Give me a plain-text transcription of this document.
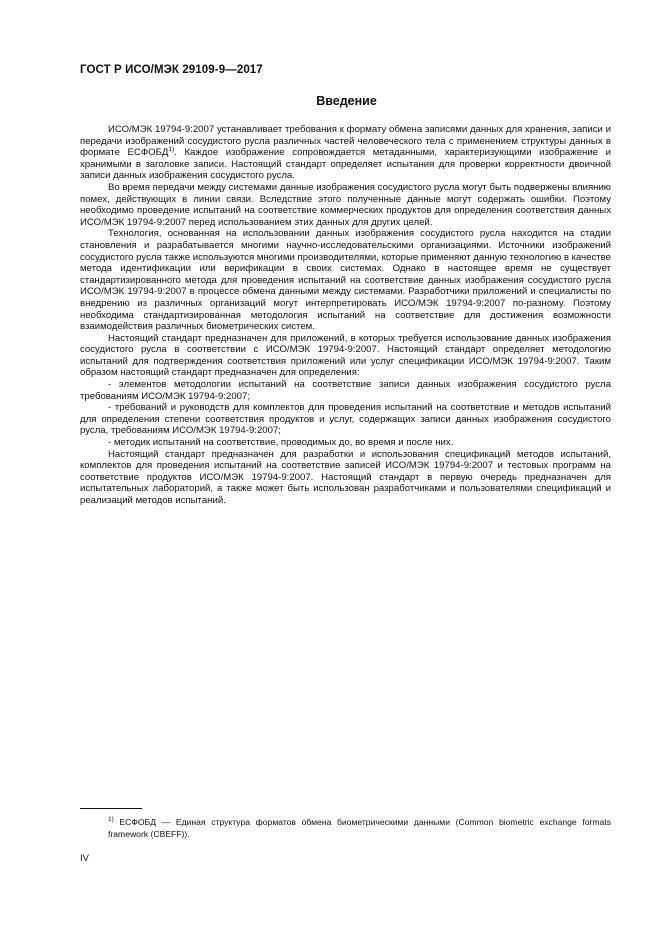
ГОСТ Р ИСО/МЭК 29109-9—2017
Введение

ИСО/МЭК 19794-9:2007 устанавливает требования к формату обмена записями данных для хранения, записи и передачи изображений сосудистого русла различных частей человеческого тела с применением структуры данных в формате ЕСФОБД$^{1)}$. Каждое изображение сопровождается метаданными, характеризующими изображение и хранимыми в заголовке записи. Настоящий стандарт определяет испытания для проверки корректности двоичной записи данных изображения сосудистого русла.

Во время передачи между системами данные изображения сосудистого русла могут быть подвержены влиянию помех, действующих в линии связи. Вследствие этого полученные данные могут содержать ошибки. Поэтому необходимо проведение испытаний на соответствие коммерческих продуктов для определения соответствия данных ИСО/МЭК 19794-9:2007 перед использованием этих данных для других целей.

Технология, основанная на использовании данных изображения сосудистого русла находится на стадии становления и разрабатывается многими научно-исследовательскими организациями. Источники изображений сосудистого русла также используются многими производителями, которые применяют данную технологию в качестве метода идентификации или верификации в своих системах. Однако в настоящее время не существует стандартизированного метода для проведения испытаний на соответствие данных изображения сосудистого русла ИСО/МЭК 19794-9:2007 в процессе обмена данными между системами. Разработчики приложений и специалисты по внедрению из различных организаций могут интерпретировать ИСО/МЭК 19794-9:2007 по-разному. Поэтому необходима стандартизированная методология испытаний на соответствие для достижения возможности взаимодействия различных биометрических систем.

Настоящий стандарт предназначен для приложений, в которых требуется использование данных изображения сосудистого русла в соответствии с ИСО/МЭК 19794-9:2007. Настоящий стандарт определяет методологию испытаний для подтверждения соответствия приложений или услуг спецификации ИСО/МЭК 19794-9:2007. Таким образом настоящий стандарт предназначен для определения:

- элементов методологии испытаний на соответствие записи данных изображения сосудистого русла требованиям ИСО/МЭК 19794-9:2007;

- требований и руководств для комплектов для проведения испытаний на соответствие и методов испытаний для определения степени соответствия продуктов и услуг, содержащих записи данных изображения сосудистого русла, требованиям ИСО/МЭК 19794-9:2007;

- методик испытаний на соответствие, проводимых до, во время и после них.

Настоящий стандарт предназначен для разработки и использования спецификаций методов испытаний, комплектов для проведения испытаний на соответствие записей ИСО/МЭК 19794-9:2007 и тестовых программ на соответствие продуктов ИСО/МЭК 19794-9:2007. Настоящий стандарт в первую очередь предназначен для испытательных лабораторий, а также может быть использован разработчиками и пользователями спецификаций и реализаций методов испытаний.

$^{1)}$ ЕСФОБД — Единая структура форматов обмена биометрическими данными (Common biometric exchange formats framework (CBEFF)).
IV
